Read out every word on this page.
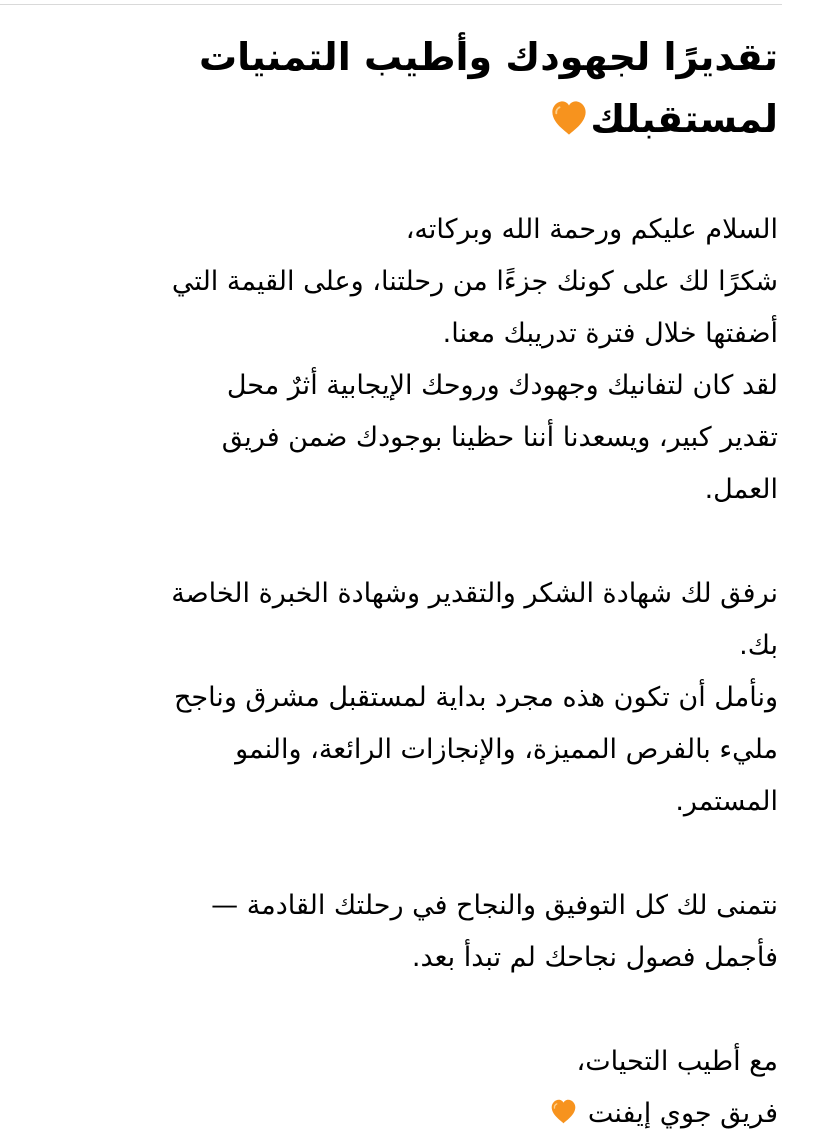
تقديرًا لجهودك وأطيب التمنيات
لمستقبلك
السلام عليكم ورحمة الله وبركاته،
شكرًا لك على كونك جزءًا من رحلتنا، وعلى القيمة التي
أضفتها خلال فترة تدريبك معنا.
لقد كان لتفانيك وجهودك وروحك الإيجابية أثرٌ محل
تقدير كبير، ويسعدنا أننا حظينا بوجودك ضمن فريق
العمل.
نرفق لك شهادة الشكر والتقدير وشهادة الخبرة الخاصة
بك.
ونأمل أن تكون هذه مجرد بداية لمستقبل مشرق وناجح
مليء بالفرص المميزة، والإنجازات الرائعة، والنمو
المستمر.
نتمنى لك كل التوفيق والنجاح في رحلتك القادمة —
فأجمل فصول نجاحك لم تبدأ بعد.
مع أطيب التحيات،
فريق جوي إيفنت
